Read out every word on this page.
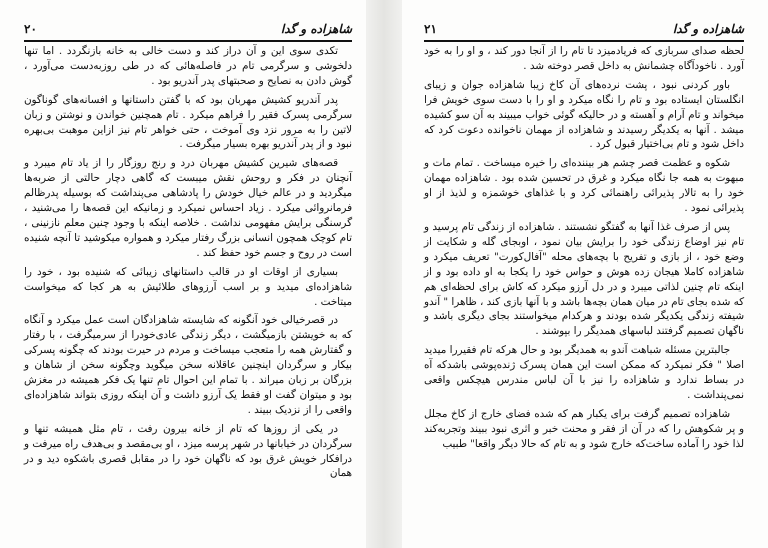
شاهزاده و گدا
۲۰

تکدی سوی این و آن دراز کند و دست خالی به خانه بازنگردد . اما تنها دلخوشی و سرگرمی تام در فاصله‌هائی که در طی روزبه‌دست می‌آورد ، گوش دادن به نصایح و صحبتهای پدر آندریو بود .

پدر آندریو کشیش مهربان بود که با گفتن داستانها و افسانه‌های گوناگون سرگرمی پسرک فقیر را فراهم میکرد . تام همچنین خواندن و نوشتن و زبان لاتین را به مرور نزد وی آموخت ، حتی خواهر تام نیز ازاین موهبت بی‌بهره نبود و از پدر آندریو بهره بسیار میگرفت .

قصه‌های شیرین کشیش مهربان درد و رنج روزگار را از یاد تام میبرد و آنچنان در فکر و روحش نقش میبست که گاهی دچار حالتی از ضربه‌ها میگردید و در عالم خیال خودش را پادشاهی می‌پنداشت که بوسیله پدرظالم فرمانروائی میکرد . زیاد احساس نمیکرد و زمانیکه این قصه‌ها را می‌شنید ، گرسنگی برایش مفهومی نداشت . خلاصه اینکه با وجود چنین معلم نازنینی ، تام کوچک همچون انسانی بزرگ رفتار میکرد و همواره میکوشید تا آنچه شنیده است در روح و جسم خود حفظ کند .

بسیاری از اوقات او در قالب داستانهای زیبائی که شنیده بود ، خود را شاهزاده‌ای میدید و بر اسب آرزوهای طلائیش به هر کجا که میخواست میتاخت .

در قصرخیالی خود آنگونه که شایسته شاهزادگان است عمل میکرد و آنگاه که به خویشتن بازمیگشت ، دیگر زندگی عادی‌خودرا از سرمیگرفت ، با رفتار و گفتارش همه را متعجب میساخت و مردم در حیرت بودند که چگونه پسرکی بیکار و سرگردان اینچنین عاقلانه سخن میگوید وچگونه سخن از شاهان و بزرگان بر زبان میراند . با تمام این احوال تام تنها یک فکر همیشه در مغزش بود و میتوان گفت او فقط یک آرزو داشت و آن اینکه روزی بتواند شاهزاده‌ای واقعی را از نزدیک ببیند .

در یکی از روزها که تام از خانه بیرون رفت ، تام مثل همیشه تنها و سرگردان در خیابانها در شهر پرسه میزد ، او بی‌مقصد و بی‌هدف راه میرفت و درافکار خویش غرق بود که ناگهان خود را در مقابل قصری باشکوه دید و در همان

شاهزاده و گدا
۲۱

لحظه‌ صدای سربازی که فریادمیزد تا تام را از آنجا دور کند ، و او را به خود آورد . ناخودآگاه چشمانش به داخل قصر دوخته شد .

باور کردنی نبود ، پشت نرده‌های آن کاخ زیبا شاهزاده جوان و زیبای انگلستان ایستاده بود و تام را نگاه میکرد و او را با دست سوی خویش فرا میخواند و تام آرام و آهسته و در حالیکه گوئی خواب میبیند به آن سو کشیده میشد . آنها به یکدیگر رسیدند و شاهزاده از مهمان ناخوانده دعوت کرد که داخل شود و تام بی‌اختیار قبول کرد .

شکوه و عظمت قصر چشم هر بیننده‌ای را خیره میساخت . تمام مات و مبهوت به همه جا نگاه میکرد و غرق در تحسین شده بود . شاهزاده مهمان خود را به تالار پذیرائی راهنمائی کرد و با غذاهای خوشمزه و لذیذ از او پذیرائی نمود .

پس از صرف غذا آنها به گفتگو نشستند . شاهزاده از زندگی تام پرسید و تام نیز اوضاع زندگی خود را برایش بیان نمود ، اوبجای گله و شکایت از وضع خود ، از بازی و تفریح با بچه‌های محله "آفال‌کورت" تعریف میکرد و شاهزاده کاملا هیجان زده هوش و حواس خود را یکجا به او داده بود و از اینکه تام چنین لذاتی میبرد و در دل آرزو میکرد که کاش برای لحظه‌ای هم که شده بجای تام در میان همان بچه‌ها باشد و با آنها بازی کند ، ظاهرا " آندو شیفته زندگی یکدیگر شده بودند و هرکدام میخواستند بجای دیگری باشد و ناگهان تصمیم گرفتند لباسهای همدیگر را بپوشند .

جالبترین مسئله شباهت آندو به همدیگر بود و حال هرکه تام فقیررا میدید اصلا " فکر نمیکرد که ممکن است این همان پسرک ژنده‌پوشی باشدکه آه در بساط ندارد و شاهزاده را نیز با آن لباس مندرس هیچکس واقعی نمی‌پنداشت .

شاهزاده تصمیم گرفت برای یکبار هم که شده فضای خارج از کاخ مجلل و پر شکوهش را که در آن از فقر و محنت خبر و اثری نبود ببیند وتجربه‌کند لذا خود را آماده ساخت‌که خارج شود و به تام که حالا دیگر واقعا" طبیب
